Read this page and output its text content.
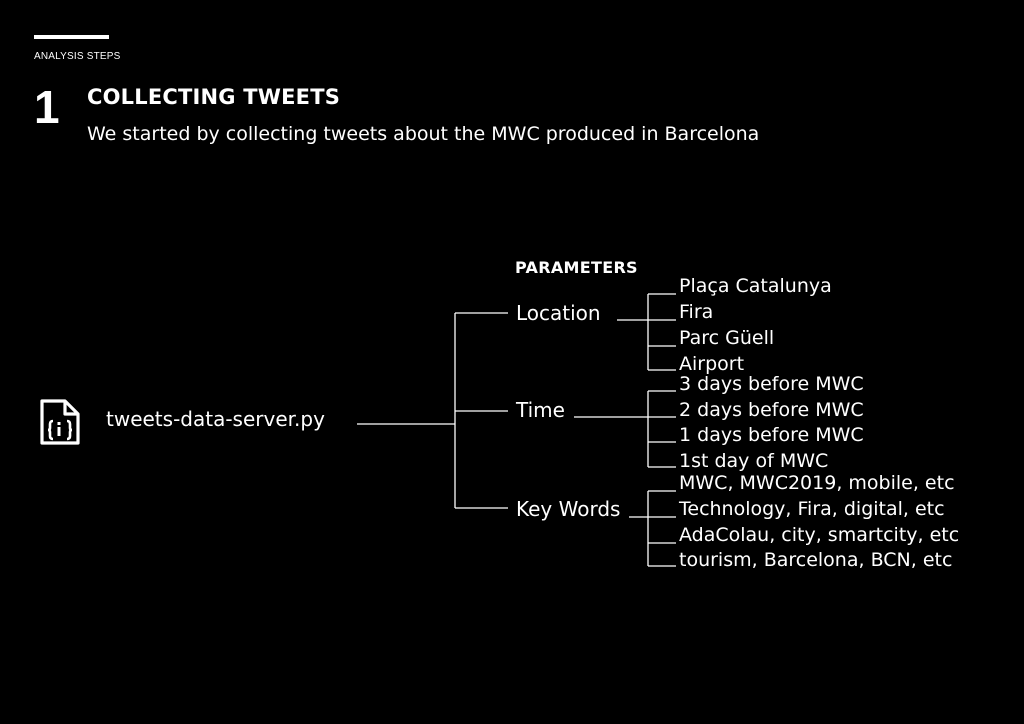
ANALYSIS STEPS
1 COLLECTING TWEETS
We started by collecting tweets about the MWC produced in Barcelona
tweets-data-server.py
PARAMETERS
Location
Time
Key Words
Plaça Catalunya
Fira
Parc Güell
Airport
3 days before MWC
2 days before MWC
1 days before MWC
1st day of MWC
MWC, MWC2019, mobile, etc
Technology, Fira, digital, etc
AdaColau, city, smartcity, etc
tourism, Barcelona, BCN, etc
